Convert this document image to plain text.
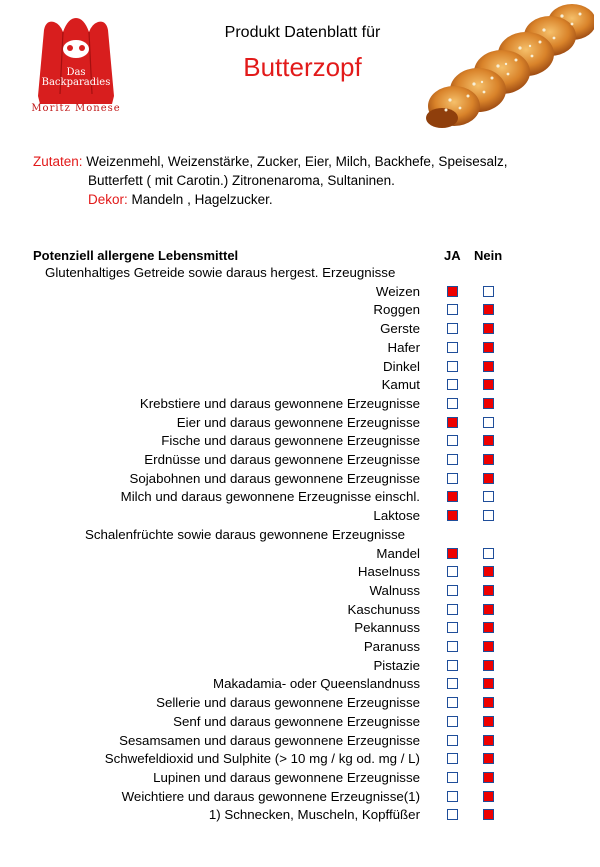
Das
Backparadies
Moritz Monese
Produkt Datenblatt für
Butterzopf
Zutaten: Weizenmehl, Weizenstärke, Zucker, Eier, Milch, Backhefe, Speisesalz,
Butterfett ( mit Carotin.) Zitronenaroma, Sultaninen.
Dekor: Mandeln , Hagelzucker.
Potenziell allergene Lebensmittel	JA Nein
Glutenhaltiges Getreide sowie daraus hergest. Erzeugnisse
Weizen
Roggen
Gerste
Hafer
Dinkel
Kamut
Krebstiere und daraus gewonnene Erzeugnisse
Eier und daraus gewonnene Erzeugnisse
Fische und daraus gewonnene Erzeugnisse
Erdnüsse und daraus gewonnene Erzeugnisse
Sojabohnen und daraus gewonnene Erzeugnisse
Milch und daraus gewonnene Erzeugnisse einschl.
Laktose
Schalenfrüchte sowie daraus gewonnene Erzeugnisse
Mandel
Haselnuss
Walnuss
Kaschunuss
Pekannuss
Paranuss
Pistazie
Makadamia- oder Queenslandnuss
Sellerie und daraus gewonnene Erzeugnisse
Senf und daraus gewonnene Erzeugnisse
Sesamsamen und daraus gewonnene Erzeugnisse
Schwefeldioxid und Sulphite (> 10 mg / kg od. mg / L)
Lupinen und daraus gewonnene Erzeugnisse
Weichtiere und daraus gewonnene Erzeugnisse(1)
1) Schnecken, Muscheln, Kopffüßer
